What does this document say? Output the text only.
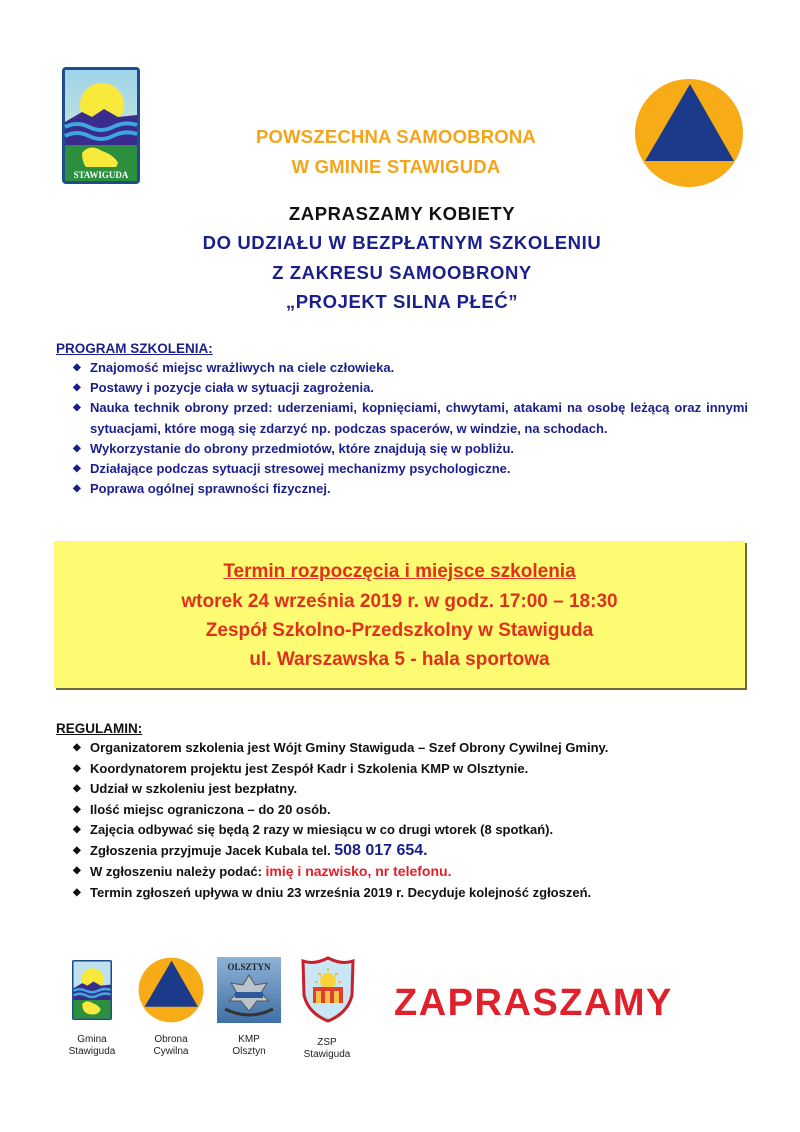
STAWIGUDA
POWSZECHNA SAMOOBRONA
W GMINIE STAWIGUDA
ZAPRASZAMY KOBIETY
DO UDZIAŁU W BEZPŁATNYM SZKOLENIU
Z ZAKRESU SAMOOBRONY
„PROJEKT SILNA PŁEĆ”
PROGRAM SZKOLENIA:
◆ Znajomość miejsc wrażliwych na ciele człowieka.
◆ Postawy i pozycje ciała w sytuacji zagrożenia.
◆ Nauka technik obrony przed: uderzeniami, kopnięciami, chwytami, atakami na osobę leżącą oraz innymi sytuacjami, które mogą się zdarzyć np. podczas spacerów, w windzie, na schodach.
◆ Wykorzystanie do obrony przedmiotów, które znajdują się w pobliżu.
◆ Działające podczas sytuacji stresowej mechanizmy psychologiczne.
◆ Poprawa ogólnej sprawności fizycznej.
Termin rozpoczęcia i miejsce szkolenia
wtorek 24 września 2019 r. w godz. 17:00 – 18:30
Zespół Szkolno-Przedszkolny w Stawiguda
ul. Warszawska 5 - hala sportowa
REGULAMIN:
◆ Organizatorem szkolenia jest Wójt Gminy Stawiguda – Szef Obrony Cywilnej Gminy.
◆ Koordynatorem projektu jest Zespół Kadr i Szkolenia KMP w Olsztynie.
◆ Udział w szkoleniu jest bezpłatny.
◆ Ilość miejsc ograniczona – do 20 osób.
◆ Zajęcia odbywać się będą 2 razy w miesiącu w co drugi wtorek (8 spotkań).
◆ Zgłoszenia przyjmuje Jacek Kubala tel. 508 017 654.
◆ W zgłoszeniu należy podać: imię i nazwisko, nr telefonu.
◆ Termin zgłoszeń upływa w dniu 23 września 2019 r. Decyduje kolejność zgłoszeń.
OLSZTYN
Gmina
Stawiguda
Obrona
Cywilna
KMP
Olsztyn
ZSP
Stawiguda
ZAPRASZAMY
